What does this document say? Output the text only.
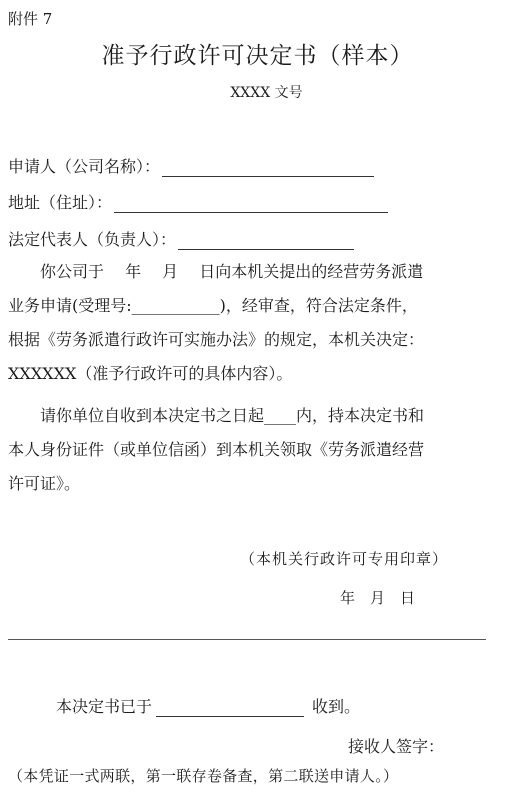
附件 7
准予行政许可决定书（样本）
XXXX 文号
申请人（公司名称）：
地址（住址）：
法定代表人（负责人）：
你公司于　 年　 月　 日向本机关提出的经营劳务派遣
业务申请(受理号:___________)，经审查，符合法定条件，
根据《劳务派遣行政许可实施办法》的规定，本机关决定：
XXXXXX（准予行政许可的具体内容）。
请你单位自收到本决定书之日起____内，持本决定书和
本人身份证件（或单位信函）到本机关领取《劳务派遣经营
许可证》。
（本机关行政许可专用印章）
年　月　日
本决定书已于	收到。
接收人签字：
（本凭证一式两联，第一联存卷备查，第二联送申请人。）
